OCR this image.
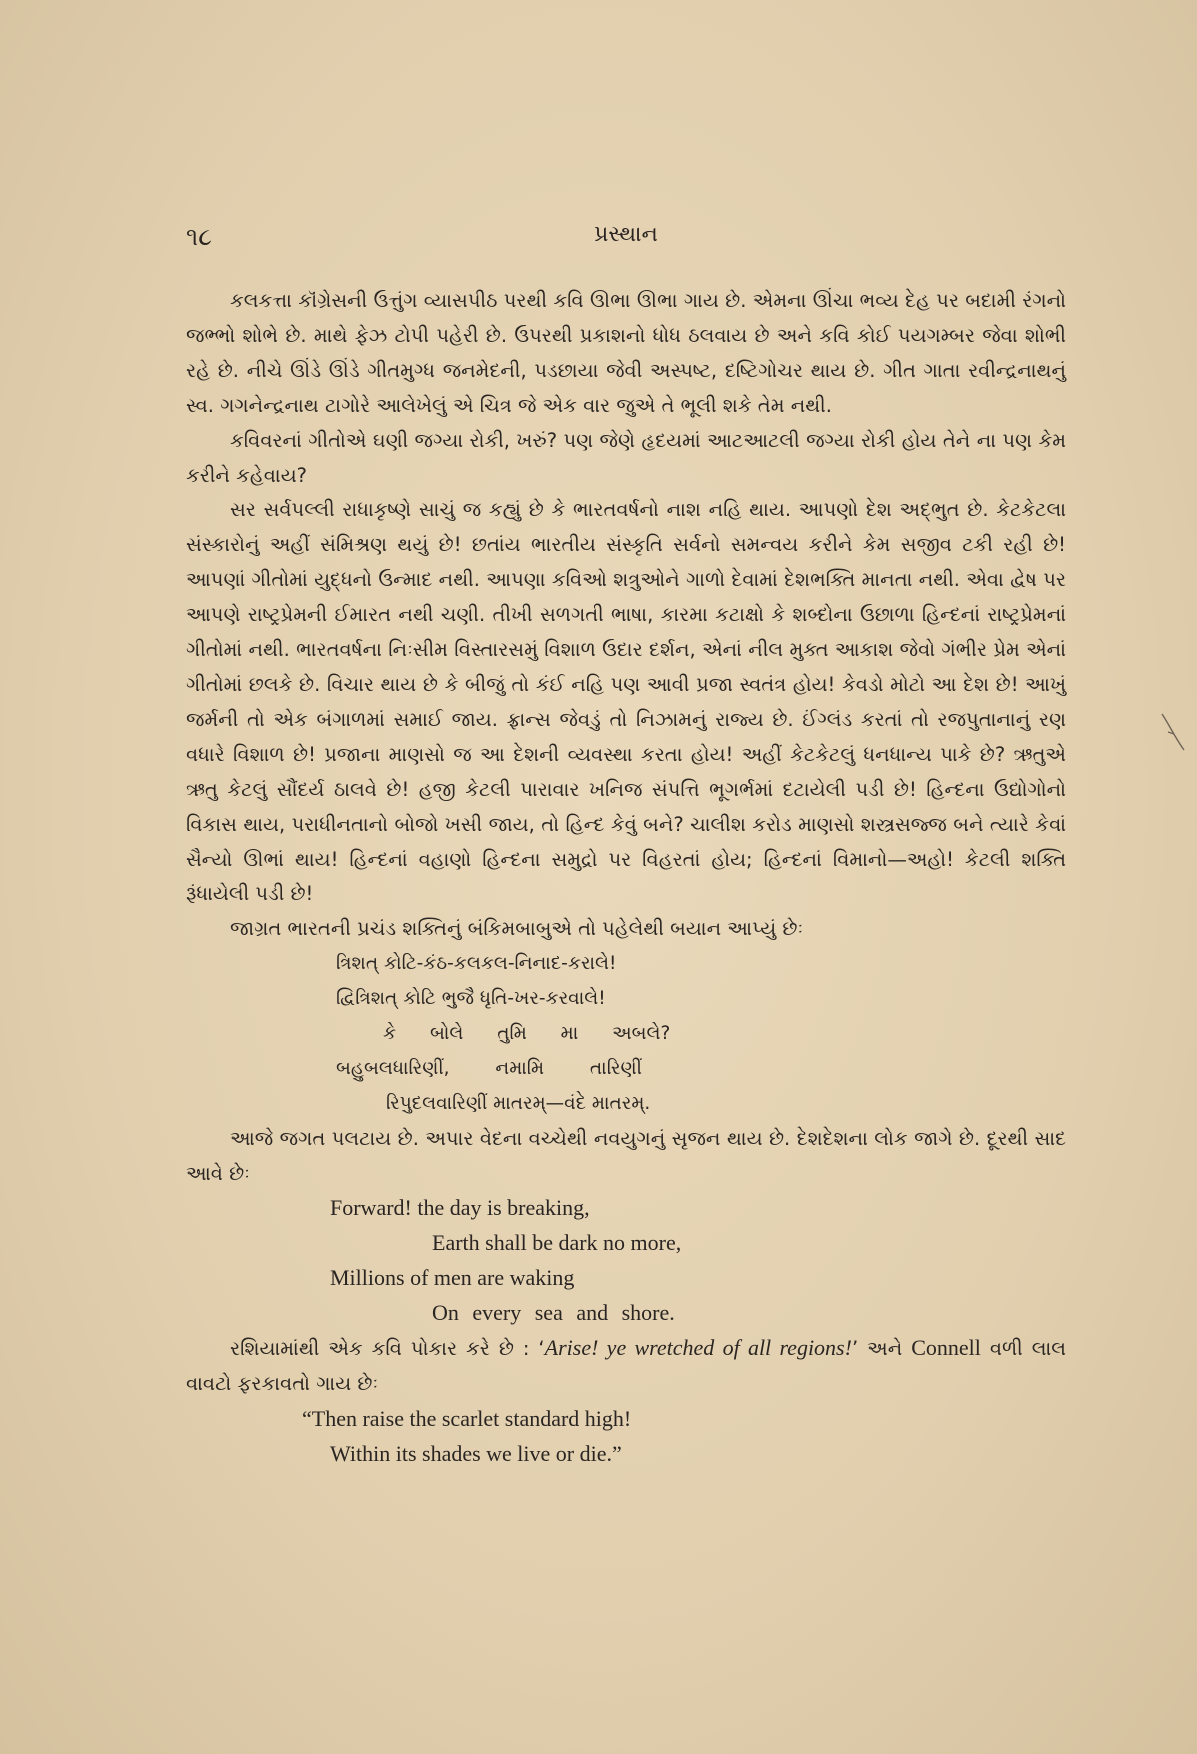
૧૮	પ્રસ્થાન

કલકત્તા કૉંગ્રેસની ઉત્તુંગ વ્યાસપીઠ પરથી કવિ ઊભા ઊભા ગાય છે. એમના ઊંચા ભવ્ય દેહ પર બદામી રંગનો જભ્ભો શોભે છે. માથે ફેઝ ટોપી પહેરી છે. ઉપરથી પ્રકાશનો ધોધ ઠલવાય છે અને કવિ કોઈ પયગમ્બર જેવા શોભી રહે છે. નીચે ઊંડે ઊંડે ગીતમુગ્ધ જનમેદની, પડછાયા જેવી અસ્પષ્ટ, દષ્ટિગોચર થાય છે. ગીત ગાતા રવીન્દ્રનાથનું સ્વ. ગગનેન્દ્રનાથ ટાગોરે આલેખેલું એ ચિત્ર જે એક વાર જુએ તે ભૂલી શકે તેમ નથી.

કવિવરનાં ગીતોએ ઘણી જગ્યા રોકી, ખરું? પણ જેણે હૃદયમાં આટઆટલી જગ્યા રોકી હોય તેને ના પણ કેમ કરીને કહેવાય?

સર સર્વપલ્લી રાધાકૃષ્ણે સાચું જ કહ્યું છે કે ભારતવર્ષનો નાશ નહિ થાય. આપણો દેશ અદ્ભુત છે. કેટકેટલા સંસ્કારોનું અહીં સંમિશ્રણ થયું છે! છતાંય ભારતીય સંસ્કૃતિ સર્વનો સમન્વય કરીને કેમ સજીવ ટકી રહી છે! આપણાં ગીતોમાં યુદ્ધનો ઉન્માદ નથી. આપણા કવિઓ શત્રુઓને ગાળો દેવામાં દેશભક્તિ માનતા નથી. એવા દ્વેષ પર આપણે રાષ્ટ્રપ્રેમની ઈમારત નથી ચણી. તીખી સળગતી ભાષા, કારમા કટાક્ષો કે શબ્દોના ઉછાળા હિન્દનાં રાષ્ટ્રપ્રેમનાં ગીતોમાં નથી. ભારતવર્ષના નિઃસીમ વિસ્તારસમું વિશાળ ઉદાર દર્શન, એનાં નીલ મુક્ત આકાશ જેવો ગંભીર પ્રેમ એનાં ગીતોમાં છલકે છે. વિચાર થાય છે કે બીજું તો કંઈ નહિ પણ આવી પ્રજા સ્વતંત્ર હોય! કેવડો મોટો આ દેશ છે! આખું જર્મની તો એક બંગાળમાં સમાઈ જાય. ફ્રાન્સ જેવડું તો નિઝામનું રાજ્ય છે. ઈંગ્લંડ કરતાં તો રજપુતાનાનું રણ વધારે વિશાળ છે! પ્રજાના માણસો જ આ દેશની વ્યવસ્થા કરતા હોય! અહીં કેટકેટલું ધનધાન્ય પાકે છે? ઋતુએ ઋતુ કેટલું સૌંદર્ય ઠાલવે છે! હજી કેટલી પારાવાર ખનિજ સંપત્તિ ભૂગર્ભમાં દટાયેલી પડી છે! હિન્દના ઉદ્યોગોનો વિકાસ થાય, પરાધીનતાનો બોજો ખસી જાય, તો હિન્દ કેવું બને? ચાલીશ કરોડ માણસો શસ્ત્રસજ્જ બને ત્યારે કેવાં સૈન્યો ઊભાં થાય! હિન્દનાં વહાણો હિન્દના સમુદ્રો પર વિહરતાં હોય; હિન્દનાં વિમાનો—અહો! કેટલી શક્તિ રૂંધાયેલી પડી છે!

જાગ્રત ભારતની પ્રચંડ શક્તિનું બંકિમબાબુએ તો પહેલેથી બયાન આપ્યું છેઃ

ત્રિશત્ કોટિ-કંઠ-કલકલ-નિનાદ-કરાલે!
દ્વિત્રિશત્ કોટિ ભુજૈ ધૃતિ-ખર-કરવાલે!
કે બોલે તુમિ મા અબલે?
બહુબલધારિણીં, નમામિ તારિણીં
રિપુદલવારિણીં માતરમ્—વંદે માતરમ્.

આજે જગત પલટાય છે. અપાર વેદના વચ્ચેથી નવયુગનું સૃજન થાય છે. દેશદેશના લોક જાગે છે. દૂરથી સાદ આવે છેઃ

Forward! the day is breaking,
Earth shall be dark no more,
Millions of men are waking
On every sea and shore.

રશિયામાંથી એક કવિ પોકાર કરે છે : ‘Arise! ye wretched of all regions!’ અને Connell વળી લાલ વાવટો ફરકાવતો ગાય છેઃ

“Then raise the scarlet standard high!
Within its shades we live or die.”
